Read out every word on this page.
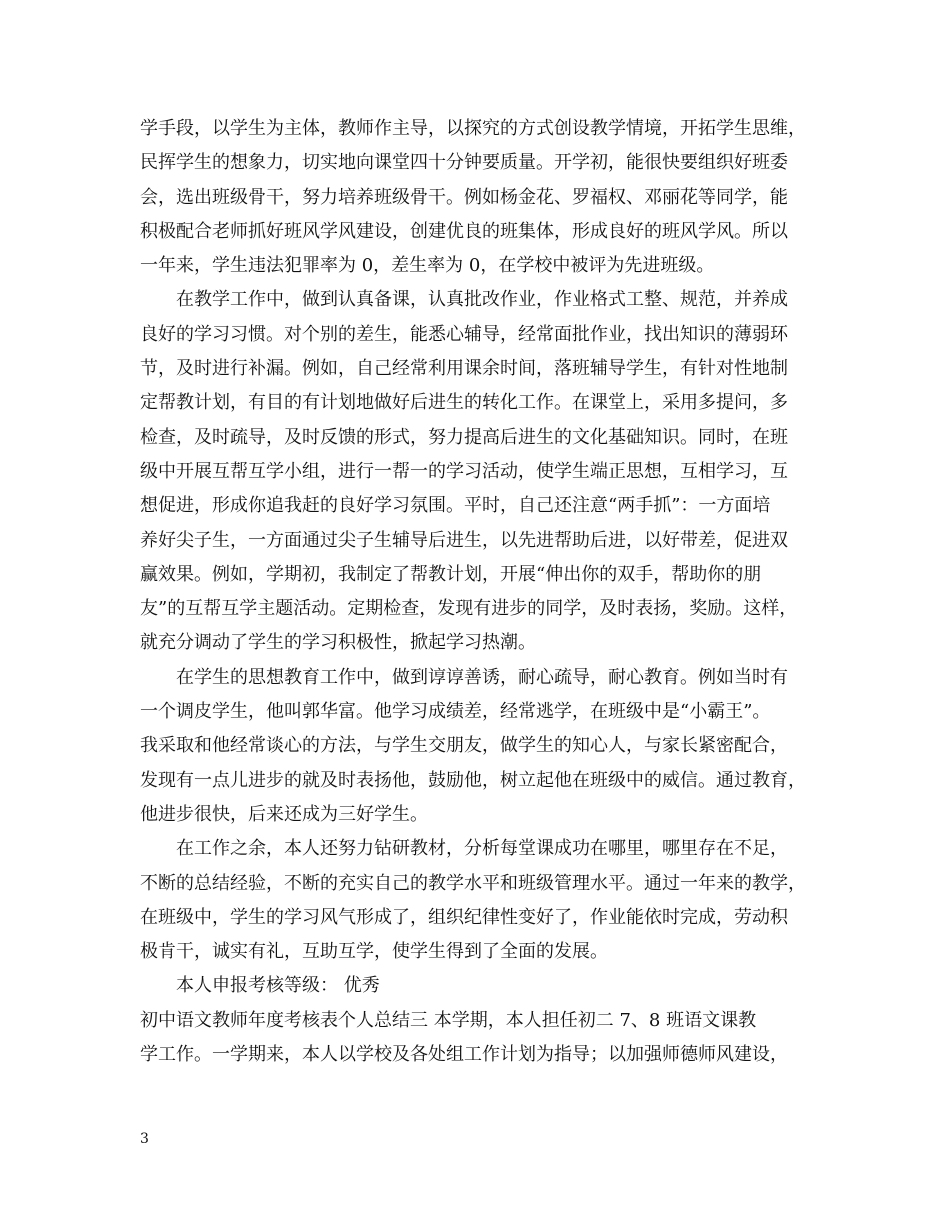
学手段，以学生为主体，教师作主导，以探究的方式创设教学情境，开拓学生思维，
民挥学生的想象力，切实地向课堂四十分钟要质量。开学初，能很快要组织好班委
会，选出班级骨干，努力培养班级骨干。例如杨金花、罗福权、邓丽花等同学，能
积极配合老师抓好班风学风建设，创建优良的班集体，形成良好的班风学风。所以
一年来，学生违法犯罪率为 0，差生率为 0，在学校中被评为先进班级。
在教学工作中，做到认真备课，认真批改作业，作业格式工整、规范，并养成
良好的学习习惯。对个别的差生，能悉心辅导，经常面批作业，找出知识的薄弱环
节，及时进行补漏。例如，自己经常利用课余时间，落班辅导学生，有针对性地制
定帮教计划，有目的有计划地做好后进生的转化工作。在课堂上，采用多提问，多
检查，及时疏导，及时反馈的形式，努力提高后进生的文化基础知识。同时，在班
级中开展互帮互学小组，进行一帮一的学习活动，使学生端正思想，互相学习，互
想促进，形成你追我赶的良好学习氛围。平时，自己还注意“两手抓”：一方面培
养好尖子生，一方面通过尖子生辅导后进生，以先进帮助后进，以好带差，促进双
赢效果。例如，学期初，我制定了帮教计划，开展“伸出你的双手，帮助你的朋
友”的互帮互学主题活动。定期检查，发现有进步的同学，及时表扬，奖励。这样，
就充分调动了学生的学习积极性，掀起学习热潮。
在学生的思想教育工作中，做到谆谆善诱，耐心疏导，耐心教育。例如当时有
一个调皮学生，他叫郭华富。他学习成绩差，经常逃学，在班级中是“小霸王”。
我采取和他经常谈心的方法，与学生交朋友，做学生的知心人，与家长紧密配合，
发现有一点儿进步的就及时表扬他，鼓励他，树立起他在班级中的威信。通过教育，
他进步很快，后来还成为三好学生。
在工作之余，本人还努力钻研教材，分析每堂课成功在哪里，哪里存在不足，
不断的总结经验，不断的充实自己的教学水平和班级管理水平。通过一年来的教学，
在班级中，学生的学习风气形成了，组织纪律性变好了，作业能依时完成，劳动积
极肯干，诚实有礼，互助互学，使学生得到了全面的发展。
本人申报考核等级： 优秀
初中语文教师年度考核表个人总结三 本学期，本人担任初二 7、8 班语文课教
学工作。一学期来，本人以学校及各处组工作计划为指导；以加强师德师风建设，
3
